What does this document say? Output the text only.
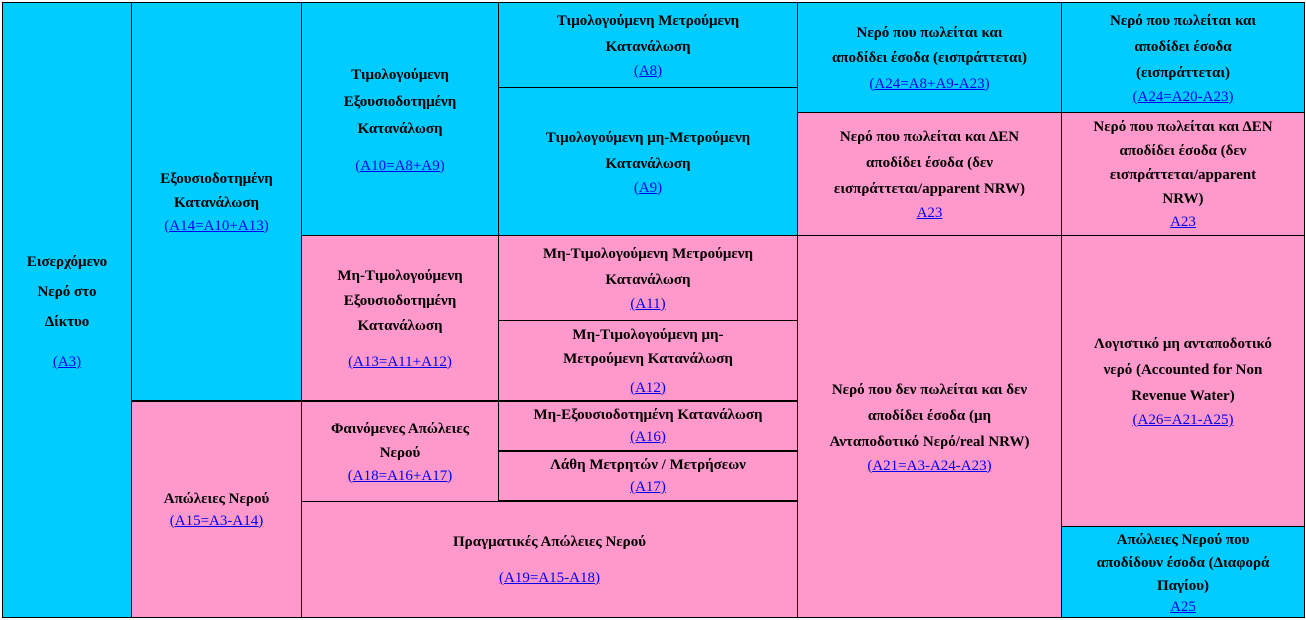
Εισερχόμενο
Νερό στο
Δίκτυο
(A3)
Εξουσιοδοτημένη
Κατανάλωση
(A14=A10+A13)
Απώλειες Νερού
(A15=A3-A14)
Τιμολογούμενη
Εξουσιοδοτημένη
Κατανάλωση
(A10=A8+A9)
Μη-Τιμολογούμενη
Εξουσιοδοτημένη
Κατανάλωση
(A13=A11+A12)
Φαινόμενες Απώλειες
Νερού
(A18=A16+A17)
Πραγματικές Απώλειες Νερού
(A19=A15-A18)
Τιμολογούμενη Μετρούμενη
Κατανάλωση
(A8)
Τιμολογούμενη μη-Μετρούμενη
Κατανάλωση
(A9)
Μη-Τιμολογούμενη Μετρούμενη
Κατανάλωση
(A11)
Μη-Τιμολογούμενη μη-
Μετρούμενη Κατανάλωση
(A12)
Μη-Εξουσιοδοτημένη Κατανάλωση
(A16)
Λάθη Μετρητών / Μετρήσεων
(A17)
Νερό που πωλείται και
αποδίδει έσοδα (εισπράττεται)
(A24=A8+A9-A23)
Νερό που πωλείται και ΔΕΝ
αποδίδει έσοδα (δεν
εισπράττεται/apparent NRW)
A23
Νερό που δεν πωλείται και δεν
αποδίδει έσοδα (μη
Ανταποδοτικό Νερό/real NRW)
(A21=A3-A24-A23)
Νερό που πωλείται και
αποδίδει έσοδα
(εισπράττεται)
(A24=A20-A23)
Νερό που πωλείται και ΔΕΝ
αποδίδει έσοδα (δεν
εισπράττεται/apparent
NRW)
A23
Λογιστικό μη ανταποδοτικό
νερό (Accounted for Non
Revenue Water)
(A26=A21-A25)
Απώλειες Νερού που
αποδίδουν έσοδα (Διαφορά
Παγίου)
A25
